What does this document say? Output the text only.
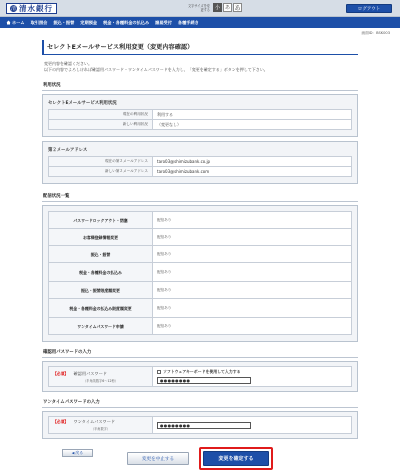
清 清水銀行	文字サイズを変更する 小 あ あ	ログアウト
ホーム 取引照会 振込・振替 定期預金 税金・各種料金の払込み 諸届受付 各種手続き
画面ID：BSK003
セレクトEメールサービス利用変更（変更内容確認）
変更内容を確認ください。
以下の内容でよろしければ確認用パスワード・ワンタイムパスワードを入力し、「変更を確定する」ボタンを押して下さい。
利用状況
セレクトEメールサービス利用状況
現在の利用状況	利用する
新しい利用状況	（変更なし）
第２メールアドレス
現在の第２メールアドレス	taro03@shimizubank.co.jp
新しい第２メールアドレス	taro03@shimizubank.com
配信状況一覧
パスワードロックアウト・閉塞	配信あり
お客様登録情報変更	配信あり
振込・振替	配信あり
税金・各種料金の払込み	配信あり
振込・振替限度額変更	配信あり
税金・各種料金の払込み限度額変更	配信あり
ワンタイムパスワード申請	配信あり
確認用パスワードの入力
【必須】 確認用パスワード
（半角英数字6～12桁）

ソフトウェアキーボードを使用して入力する
●●●●●●●●
ワンタイムパスワードの入力
【必須】 ワンタイムパスワード
（半角数字）

●●●●●●●●
変更を中止する	変更を確定する
◀ 戻る
